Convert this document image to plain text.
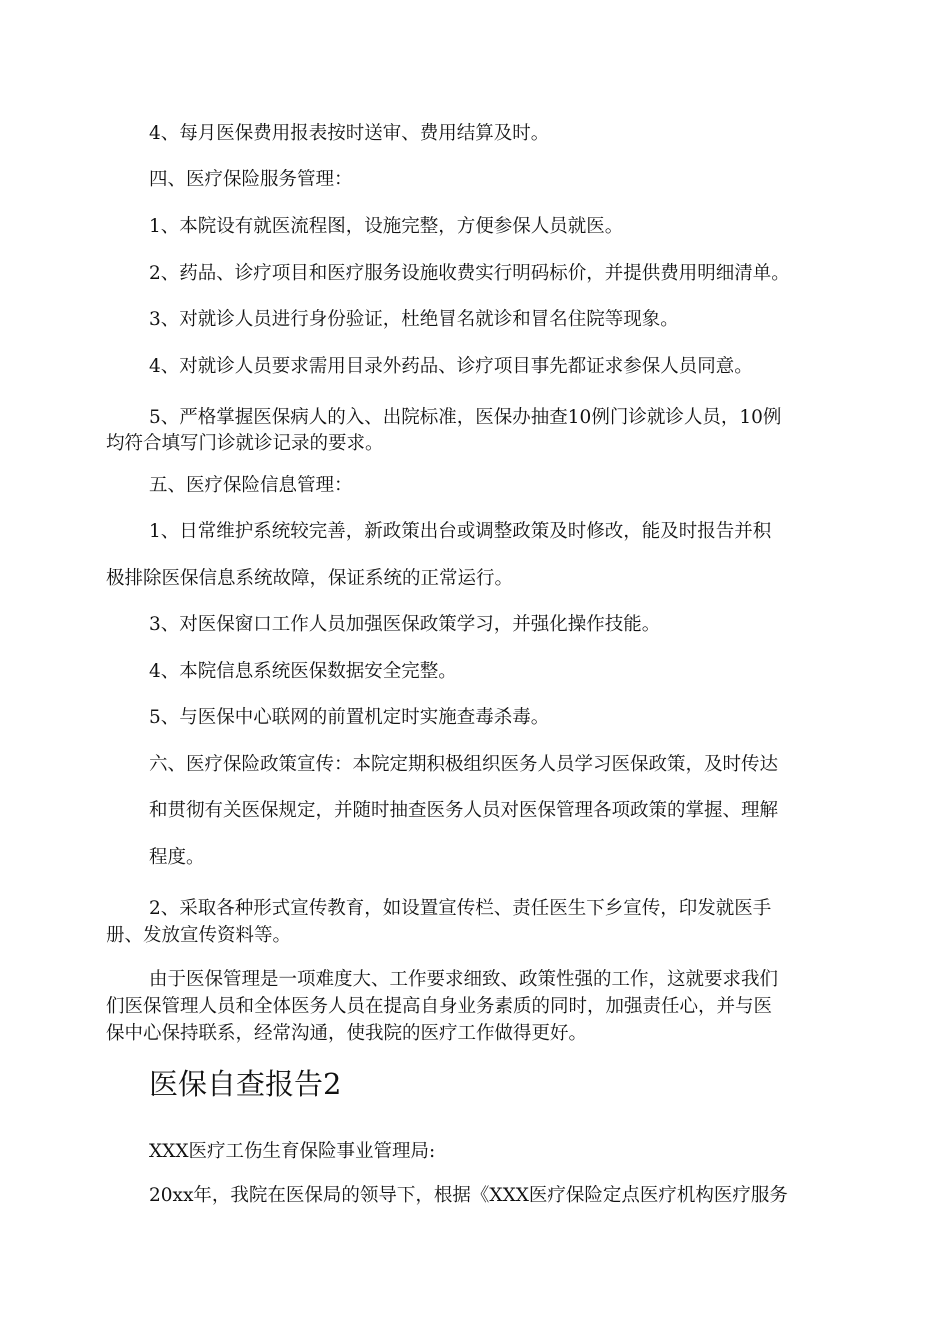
4、每月医保费用报表按时送审、费用结算及时。

四、医疗保险服务管理：

1、本院设有就医流程图，设施完整，方便参保人员就医。

2、药品、诊疗项目和医疗服务设施收费实行明码标价，并提供费用明细清单。

3、对就诊人员进行身份验证，杜绝冒名就诊和冒名住院等现象。

4、对就诊人员要求需用目录外药品、诊疗项目事先都证求参保人员同意。

5、严格掌握医保病人的入、出院标准，医保办抽查10例门诊就诊人员，10例

均符合填写门诊就诊记录的要求。

五、医疗保险信息管理：

1、日常维护系统较完善，新政策出台或调整政策及时修改，能及时报告并积

极排除医保信息系统故障，保证系统的正常运行。

3、对医保窗口工作人员加强医保政策学习，并强化操作技能。

4、本院信息系统医保数据安全完整。

5、与医保中心联网的前置机定时实施查毒杀毒。

六、医疗保险政策宣传：本院定期积极组织医务人员学习医保政策，及时传达

和贯彻有关医保规定，并随时抽查医务人员对医保管理各项政策的掌握、理解

程度。

2、采取各种形式宣传教育，如设置宣传栏、责任医生下乡宣传，印发就医手

册、发放宣传资料等。

由于医保管理是一项难度大、工作要求细致、政策性强的工作，这就要求我们

们医保管理人员和全体医务人员在提高自身业务素质的同时，加强责任心，并与医

保中心保持联系，经常沟通，使我院的医疗工作做得更好。

医保自查报告2

XXX医疗工伤生育保险事业管理局:

20xx年，我院在医保局的领导下，根据《XXX医疗保险定点医疗机构医疗服务
